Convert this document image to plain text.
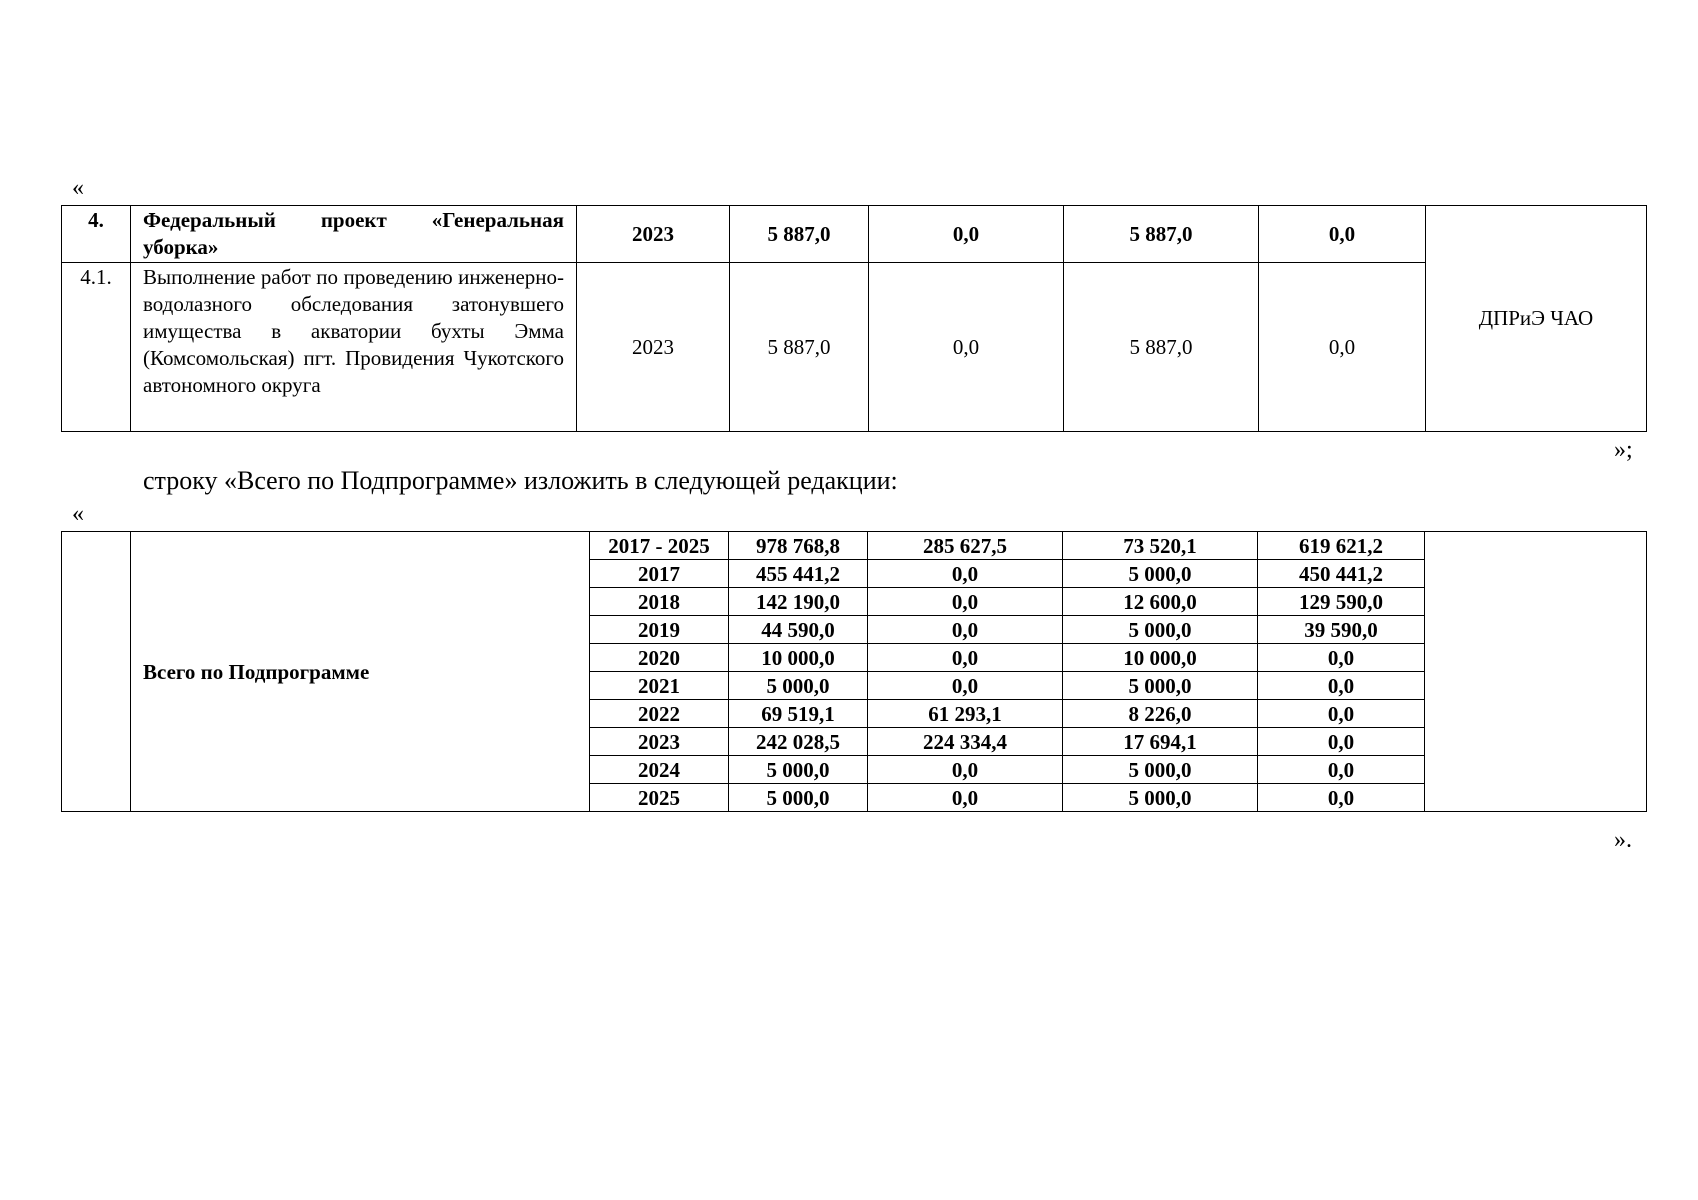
«
4.	Федеральный проект «Генеральная уборка»	2023	5 887,0	0,0	5 887,0	0,0	ДПРиЭ ЧАО
4.1.	Выполнение работ по проведению инженерно-водолазного обследования затонувшего имущества в акватории бухты Эмма (Комсомольская) пгт. Провидения Чукотского автономного округа	2023	5 887,0	0,0	5 887,0	0,0	
»;
строку «Всего по Подпрограмме» изложить в следующей редакции:
«
	Всего по Подпрограмме	2017 - 2025	978 768,8	285 627,5	73 520,1	619 621,2	
		2017	455 441,2	0,0	5 000,0	450 441,2	
		2018	142 190,0	0,0	12 600,0	129 590,0	
		2019	44 590,0	0,0	5 000,0	39 590,0	
		2020	10 000,0	0,0	10 000,0	0,0	
		2021	5 000,0	0,0	5 000,0	0,0	
		2022	69 519,1	61 293,1	8 226,0	0,0	
		2023	242 028,5	224 334,4	17 694,1	0,0	
		2024	5 000,0	0,0	5 000,0	0,0	
		2025	5 000,0	0,0	5 000,0	0,0	
».
